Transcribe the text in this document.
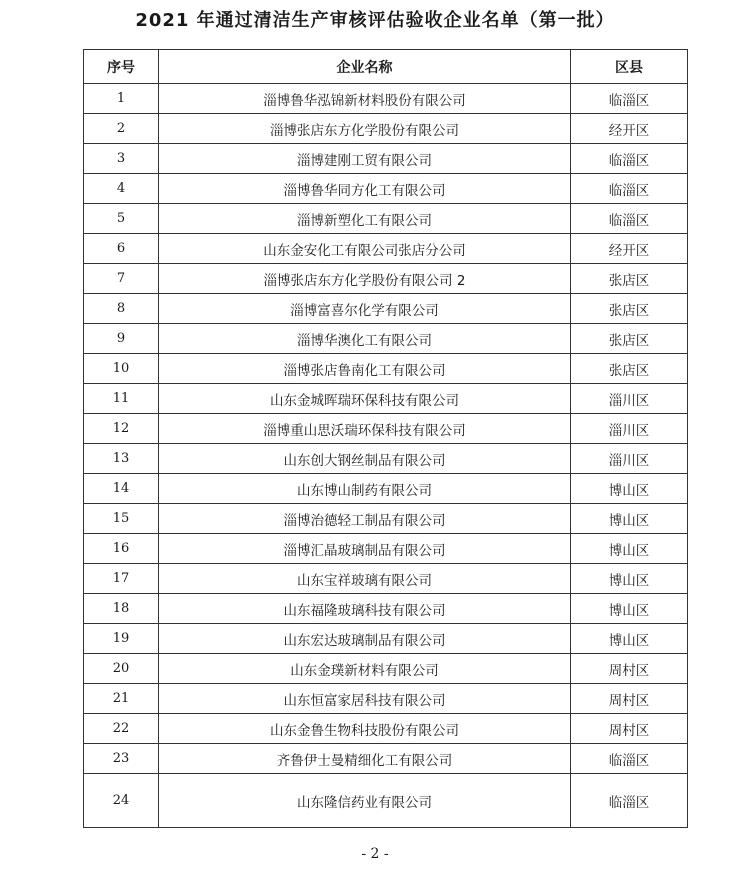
2021 年通过清洁生产审核评估验收企业名单（第一批）
序号	企业名称	区县
1	淄博鲁华泓锦新材料股份有限公司	临淄区
2	淄博张店东方化学股份有限公司	经开区
3	淄博建刚工贸有限公司	临淄区
4	淄博鲁华同方化工有限公司	临淄区
5	淄博新塑化工有限公司	临淄区
6	山东金安化工有限公司张店分公司	经开区
7	淄博张店东方化学股份有限公司 2	张店区
8	淄博富喜尔化学有限公司	张店区
9	淄博华澳化工有限公司	张店区
10	淄博张店鲁南化工有限公司	张店区
11	山东金城晖瑞环保科技有限公司	淄川区
12	淄博重山思沃瑞环保科技有限公司	淄川区
13	山东创大钢丝制品有限公司	淄川区
14	山东博山制药有限公司	博山区
15	淄博治德轻工制品有限公司	博山区
16	淄博汇晶玻璃制品有限公司	博山区
17	山东宝祥玻璃有限公司	博山区
18	山东福隆玻璃科技有限公司	博山区
19	山东宏达玻璃制品有限公司	博山区
20	山东金璞新材料有限公司	周村区
21	山东恒富家居科技有限公司	周村区
22	山东金鲁生物科技股份有限公司	周村区
23	齐鲁伊士曼精细化工有限公司	临淄区
24	山东隆信药业有限公司	临淄区
- 2 -
